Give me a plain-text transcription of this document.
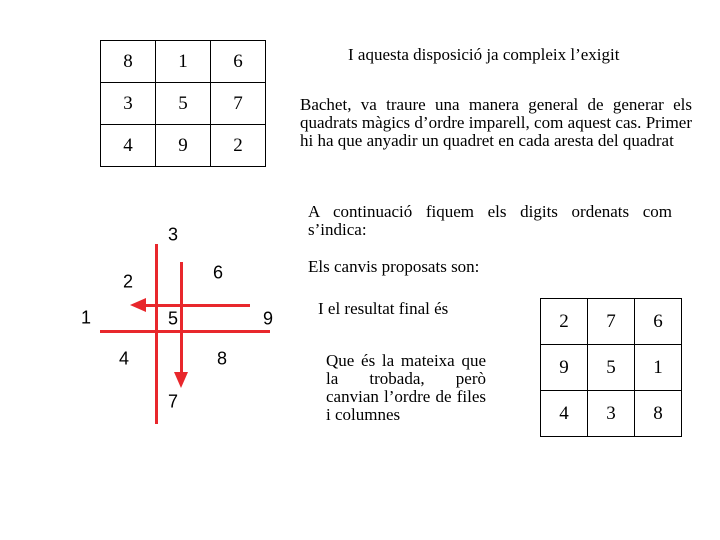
8	1	6
3	5	7
4	9	2
I aquesta disposició ja compleix l’exigit
Bachet, va traure una manera general de generar els quadrats màgics d’ordre imparell, com aquest cas. Primer hi ha que anyadir un quadret en cada aresta del quadrat
A continuació fiquem els digits ordenats com s’indica:
Els canvis proposats son:
I el resultat final és
Que és la mateixa que la trobada, però canvian l’ordre de files i columnes
3
6
2
1	5	9
4	8
7
2	7	6
9	5	1
4	3	8
